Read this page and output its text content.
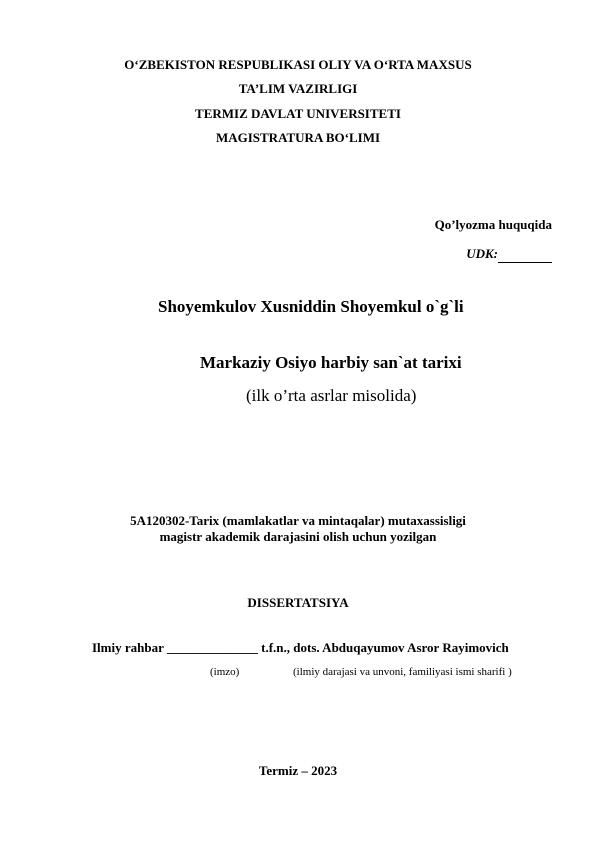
O‘ZBEKISTON RESPUBLIKASI OLIY VA O‘RTA MAXSUS
TA’LIM VAZIRLIGI
TERMIZ DAVLAT UNIVERSITETI
MAGISTRATURA BO‘LIMI
Qo’lyozma huquqida
UDK:
Shoyemkulov Xusniddin Shoyemkul o`g`li
Markaziy Osiyo harbiy san`at tarixi
(ilk o’rta asrlar misolida)
5A120302-Tarix (mamlakatlar va mintaqalar) mutaxassisligi
magistr akademik darajasini olish uchun yozilgan
DISSERTATSIYA
Ilmiy rahbar ______________ t.f.n., dots. Abduqayumov Asror Rayimovich
(imzo)	(ilmiy darajasi va unvoni, familiyasi ismi sharifi )
Termiz – 2023
